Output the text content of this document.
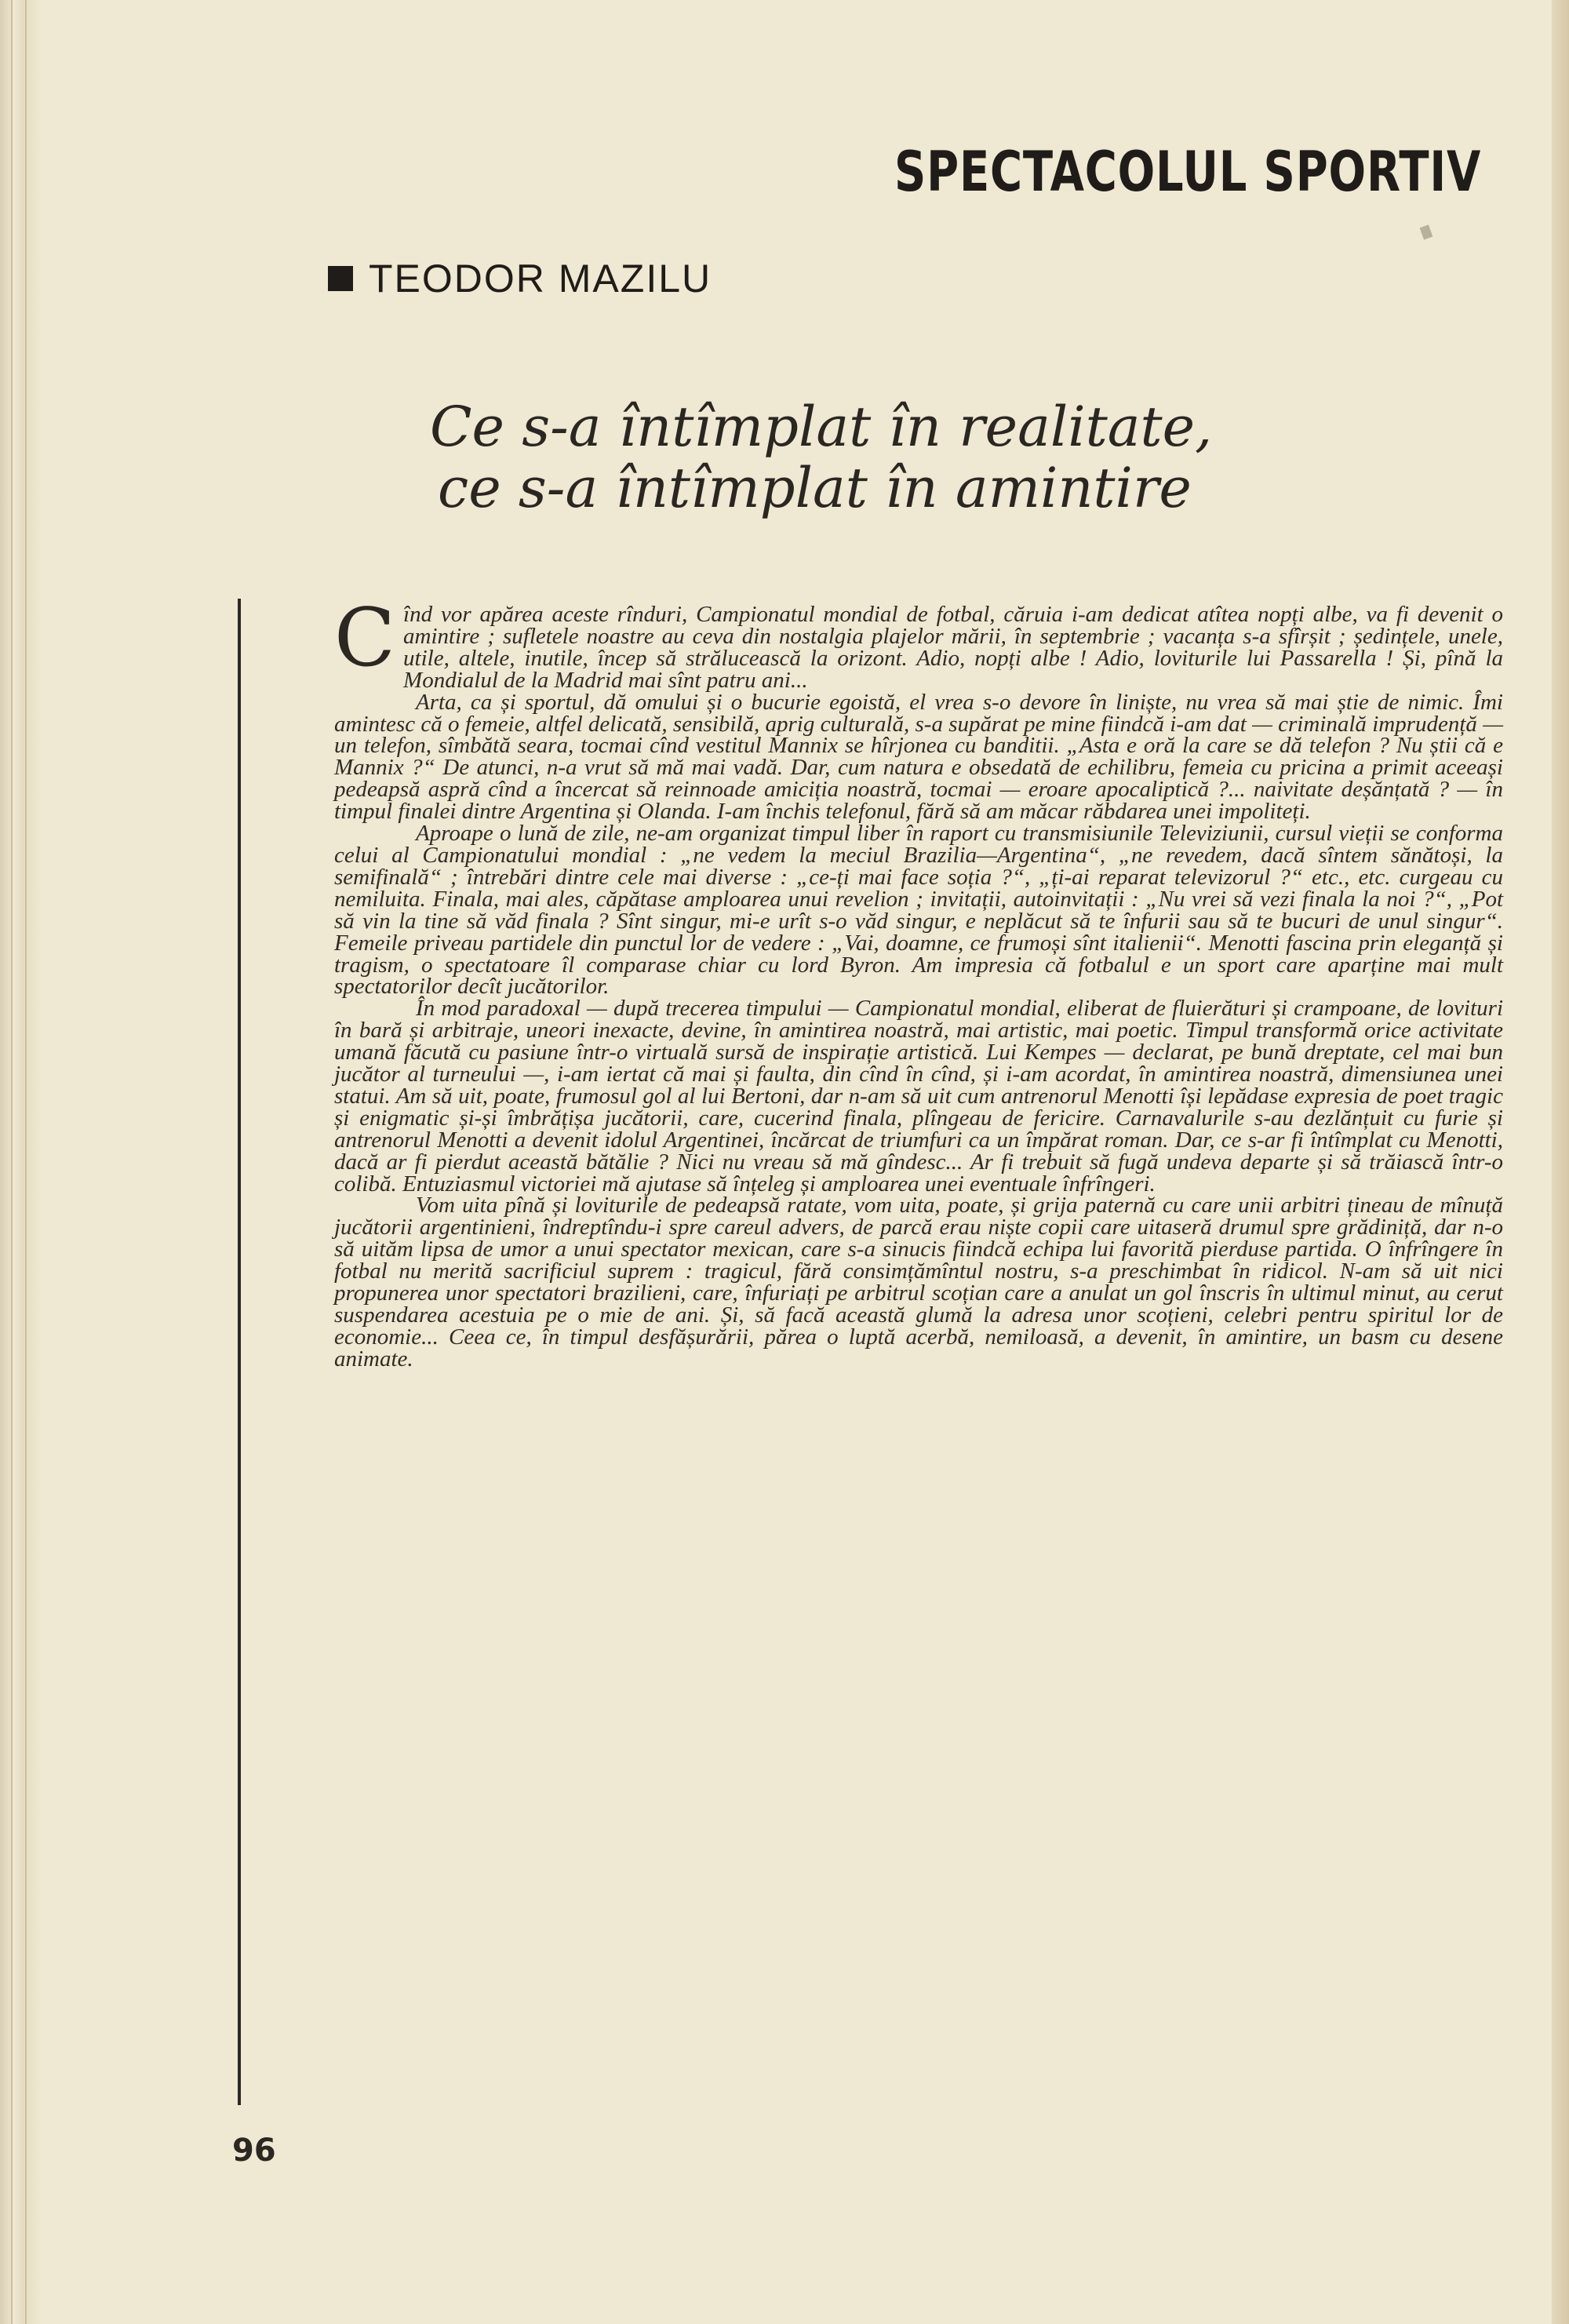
SPECTACOLUL SPORTIV
TEODOR MAZILU
Ce s-a întîmplat în realitate,
ce s-a întîmplat în amintire

Cînd vor apărea aceste rînduri, Campionatul mondial de fotbal, căruia i-am dedicat atîtea nopți albe, va fi devenit o amintire ; sufletele noastre au ceva din nostalgia plajelor mării, în septembrie ; vacanța s-a sfîrșit ; ședințele, unele, utile, altele, inutile, încep să strălucească la orizont. Adio, nopți albe ! Adio, loviturile lui Passarella ! Și, pînă la Mondialul de la Madrid mai sînt patru ani...

Arta, ca și sportul, dă omului și o bucurie egoistă, el vrea s-o devore în liniște, nu vrea să mai știe de nimic. Îmi amintesc că o femeie, altfel delicată, sensibilă, aprig culturală, s-a supărat pe mine fiindcă i-am dat — criminală imprudență — un telefon, sîmbătă seara, tocmai cînd vestitul Mannix se hîrjonea cu banditii. „Asta e oră la care se dă telefon ? Nu știi că e Mannix ?“ De atunci, n-a vrut să mă mai vadă. Dar, cum natura e obsedată de echilibru, femeia cu pricina a primit aceeași pedeapsă aspră cînd a încercat să reinnoade amiciția noastră, tocmai — eroare apocaliptică ?... naivitate deșănțată ? — în timpul finalei dintre Argentina și Olanda. I-am închis telefonul, fără să am măcar răbdarea unei impoliteți.

Aproape o lună de zile, ne-am organizat timpul liber în raport cu transmisiunile Televiziunii, cursul vieții se conforma celui al Campionatului mondial : „ne vedem la meciul Brazilia—Argentina“, „ne revedem, dacă sîntem sănătoși, la semifinală“ ; întrebări dintre cele mai diverse : „ce-ți mai face soția ?“, „ți-ai reparat televizorul ?“ etc., etc. curgeau cu nemiluita. Finala, mai ales, căpătase amploarea unui revelion ; invitații, autoinvitații : „Nu vrei să vezi finala la noi ?“, „Pot să vin la tine să văd finala ? Sînt singur, mi-e urît s-o văd singur, e neplăcut să te înfurii sau să te bucuri de unul singur“. Femeile priveau partidele din punctul lor de vedere : „Vai, doamne, ce frumoși sînt italienii“. Menotti fascina prin eleganță și tragism, o spectatoare îl comparase chiar cu lord Byron. Am impresia că fotbalul e un sport care aparține mai mult spectatorilor decît jucătorilor.

În mod paradoxal — după trecerea timpului — Campionatul mondial, eliberat de fluierături și crampoane, de lovituri în bară și arbitraje, uneori inexacte, devine, în amintirea noastră, mai artistic, mai poetic. Timpul transformă orice activitate umană făcută cu pasiune într-o virtuală sursă de inspirație artistică. Lui Kempes — declarat, pe bună dreptate, cel mai bun jucător al turneului —, i-am iertat că mai și faulta, din cînd în cînd, și i-am acordat, în amintirea noastră, dimensiunea unei statui. Am să uit, poate, frumosul gol al lui Bertoni, dar n-am să uit cum antrenorul Menotti își lepădase expresia de poet tragic și enigmatic și-și îmbrățișa jucătorii, care, cucerind finala, plîngeau de fericire. Carnavalurile s-au dezlănțuit cu furie și antrenorul Menotti a devenit idolul Argentinei, încărcat de triumfuri ca un împărat roman. Dar, ce s-ar fi întîmplat cu Menotti, dacă ar fi pierdut această bătălie ? Nici nu vreau să mă gîndesc... Ar fi trebuit să fugă undeva departe și să trăiască într-o colibă. Entuziasmul victoriei mă ajutase să înțeleg și amploarea unei eventuale înfrîngeri.

Vom uita pînă și loviturile de pedeapsă ratate, vom uita, poate, și grija paternă cu care unii arbitri țineau de mînuță jucătorii argentinieni, îndreptîndu-i spre careul advers, de parcă erau niște copii care uitaseră drumul spre grădiniță, dar n-o să uităm lipsa de umor a unui spectator mexican, care s-a sinucis fiindcă echipa lui favorită pierduse partida. O înfrîngere în fotbal nu merită sacrificiul suprem : tragicul, fără consimțămîntul nostru, s-a preschimbat în ridicol. N-am să uit nici propunerea unor spectatori brazilieni, care, înfuriați pe arbitrul scoțian care a anulat un gol înscris în ultimul minut, au cerut suspendarea acestuia pe o mie de ani. Și, să facă această glumă la adresa unor scoțieni, celebri pentru spiritul lor de economie... Ceea ce, în timpul desfășurării, părea o luptă acerbă, nemiloasă, a devenit, în amintire, un basm cu desene animate.

96
